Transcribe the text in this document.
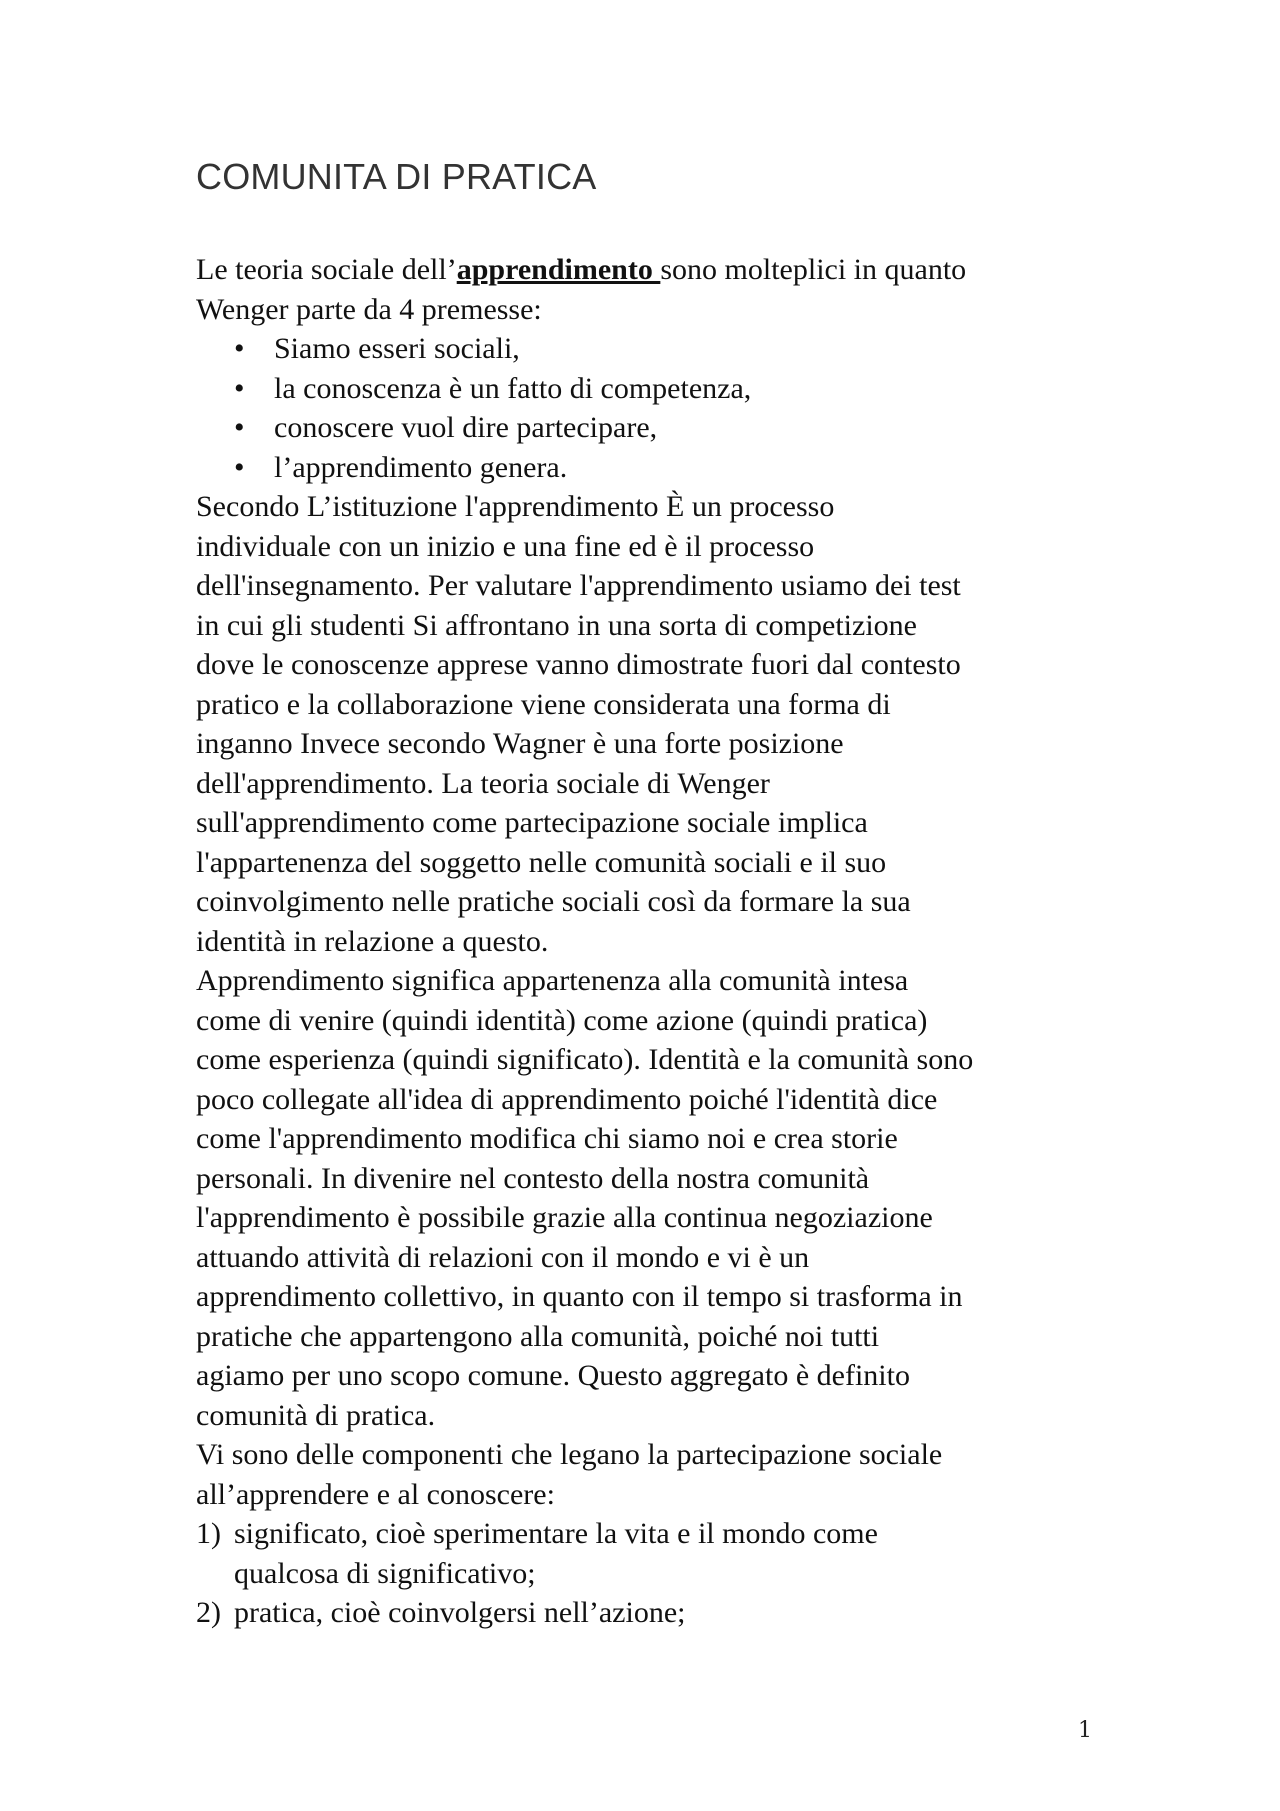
COMUNITA DI PRATICA
Le teoria sociale dell’apprendimento sono molteplici in quanto
Wenger parte da 4 premesse:
• Siamo esseri sociali,
• la conoscenza è un fatto di competenza,
• conoscere vuol dire partecipare,
• l’apprendimento genera.
Secondo L’istituzione l'apprendimento È un processo
individuale con un inizio e una fine ed è il processo
dell'insegnamento. Per valutare l'apprendimento usiamo dei test
in cui gli studenti Si affrontano in una sorta di competizione
dove le conoscenze apprese vanno dimostrate fuori dal contesto
pratico e la collaborazione viene considerata una forma di
inganno Invece secondo Wagner è una forte posizione
dell'apprendimento. La teoria sociale di Wenger
sull'apprendimento come partecipazione sociale implica
l'appartenenza del soggetto nelle comunità sociali e il suo
coinvolgimento nelle pratiche sociali così da formare la sua
identità in relazione a questo.
Apprendimento significa appartenenza alla comunità intesa
come di venire (quindi identità) come azione (quindi pratica)
come esperienza (quindi significato). Identità e la comunità sono
poco collegate all'idea di apprendimento poiché l'identità dice
come l'apprendimento modifica chi siamo noi e crea storie
personali. In divenire nel contesto della nostra comunità
l'apprendimento è possibile grazie alla continua negoziazione
attuando attività di relazioni con il mondo e vi è un
apprendimento collettivo, in quanto con il tempo si trasforma in
pratiche che appartengono alla comunità, poiché noi tutti
agiamo per uno scopo comune. Questo aggregato è definito
comunità di pratica.
Vi sono delle componenti che legano la partecipazione sociale
all’apprendere e al conoscere:
1) significato, cioè sperimentare la vita e il mondo come
qualcosa di significativo;
2) pratica, cioè coinvolgersi nell’azione;
1
